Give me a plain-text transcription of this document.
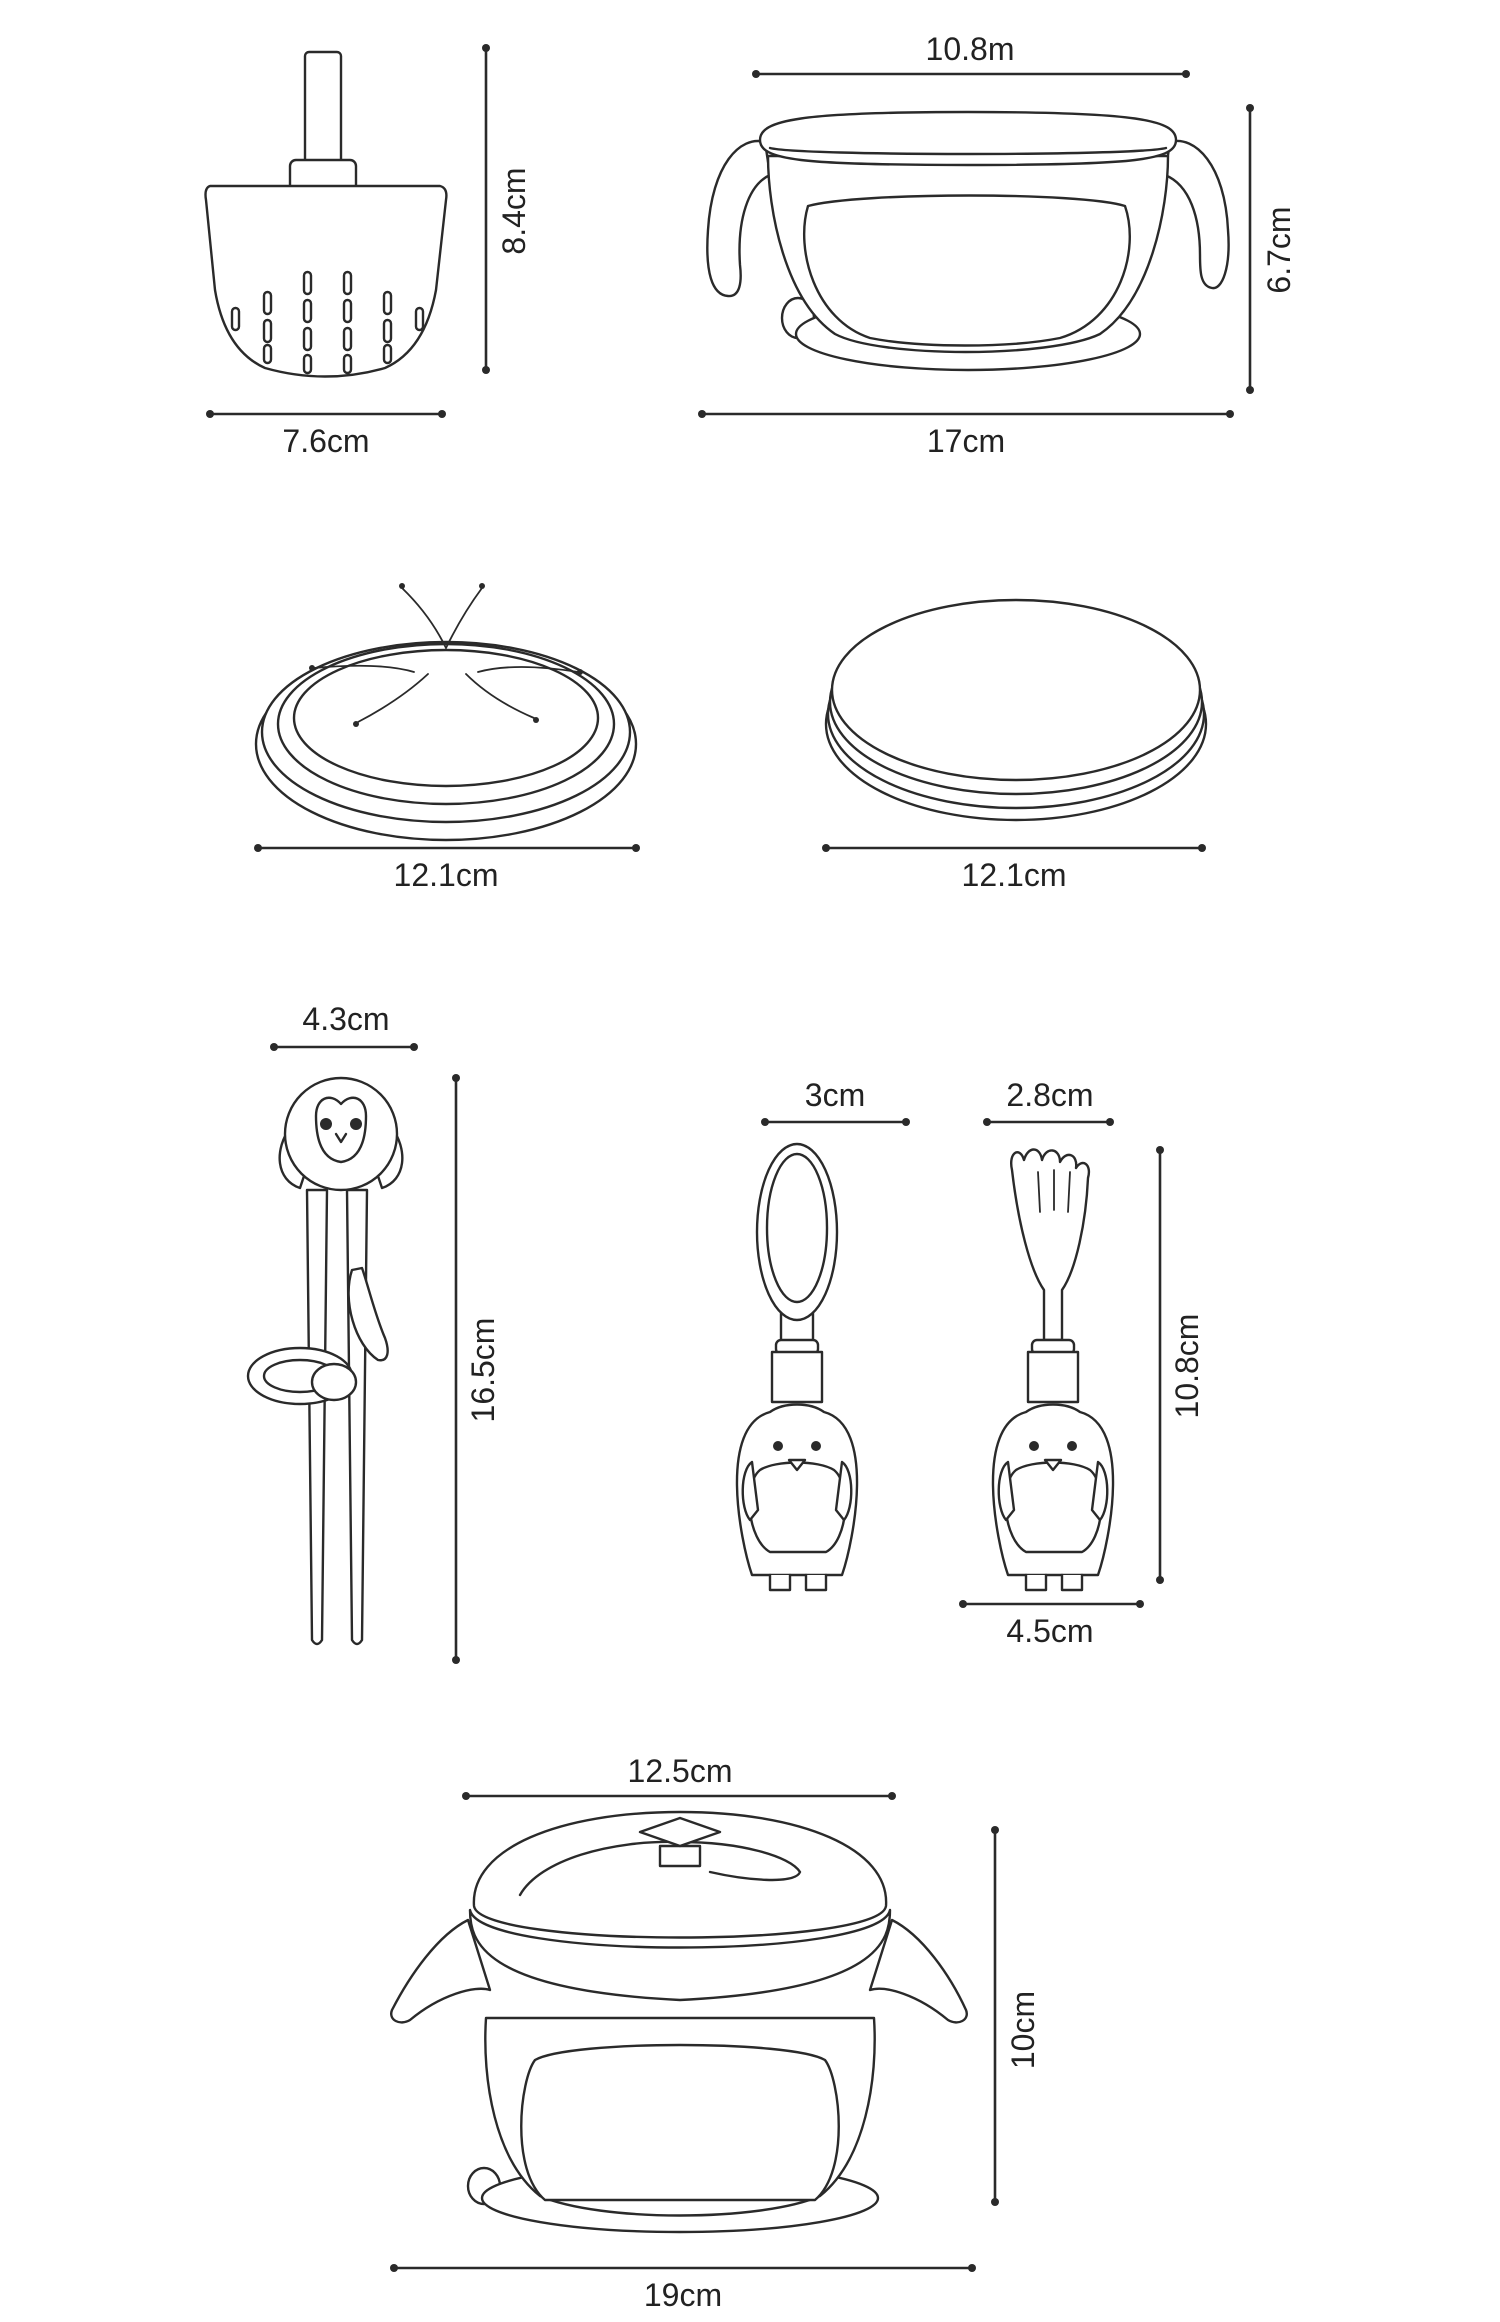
8.4cm
7.6cm
10.8m
6.7cm
17cm
12.1cm	12.1cm
4.3cm
16.5cm
3cm	2.8cm
10.8cm
4.5cm
12.5cm
10cm
19cm
